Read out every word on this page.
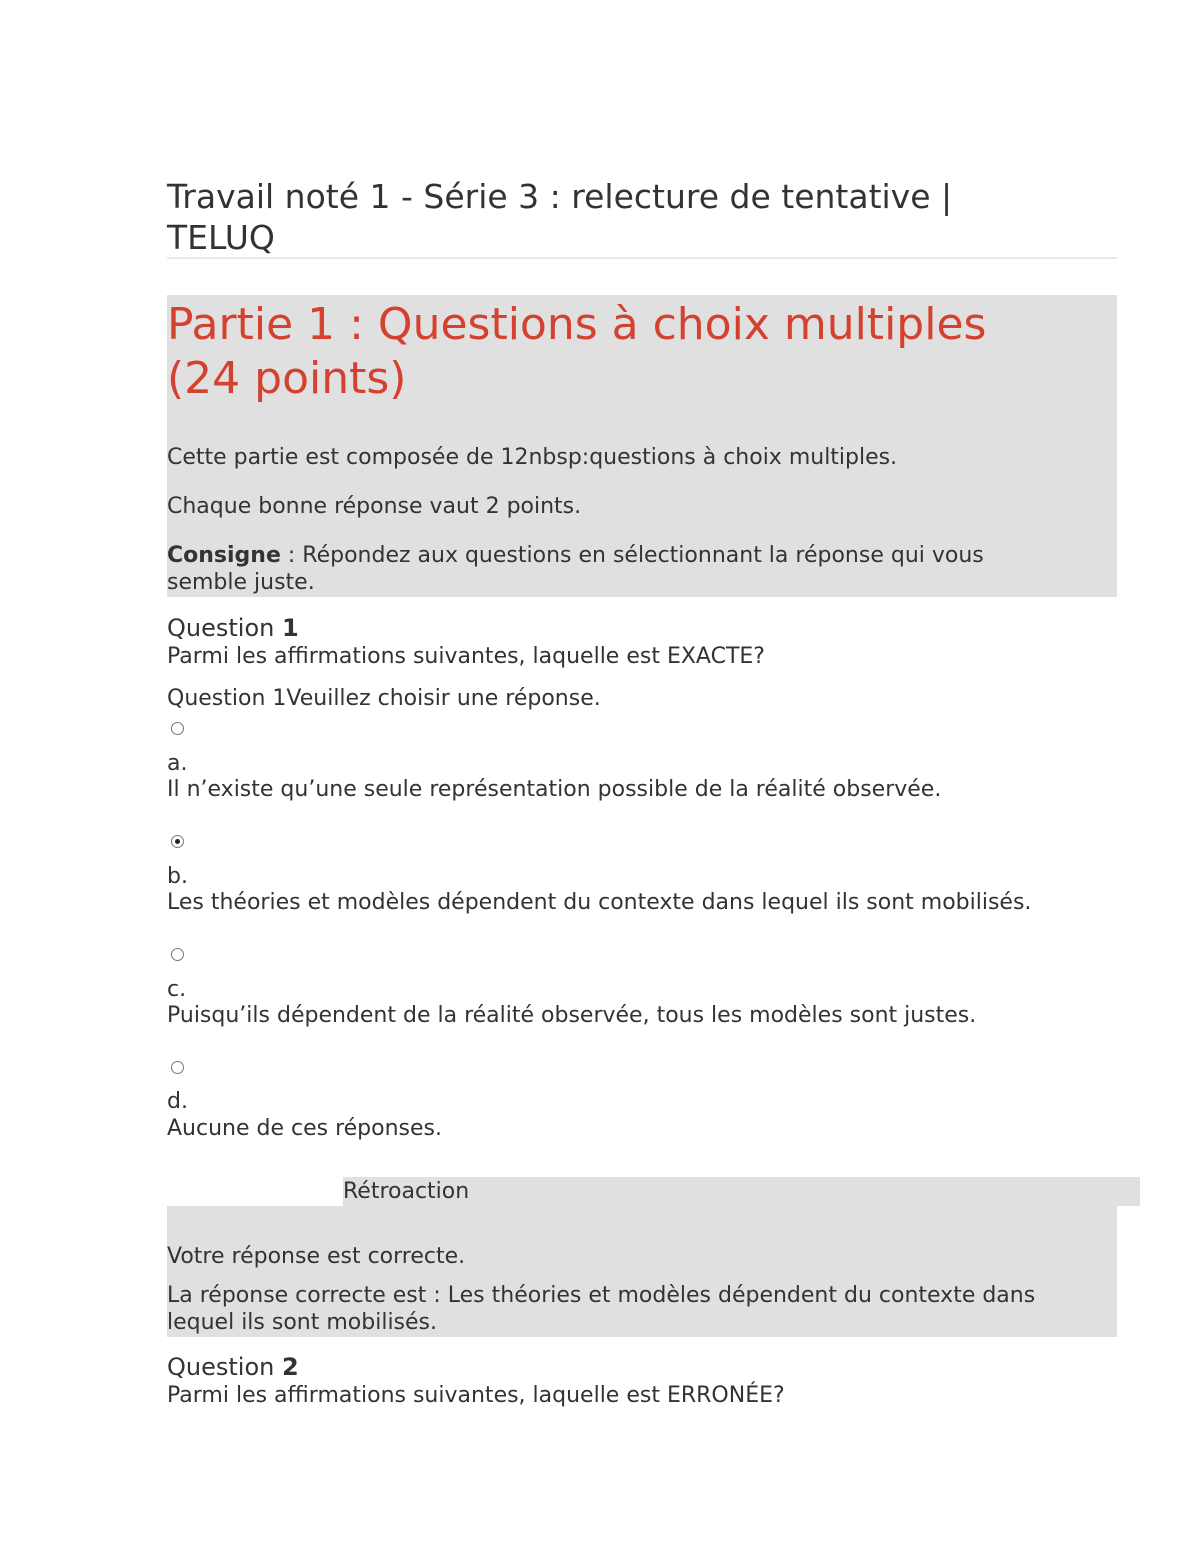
Travail noté 1 - Série 3 : relecture de tentative |
TELUQ
Partie 1 : Questions à choix multiples
(24 points)

Cette partie est composée de 12nbsp:questions à choix multiples.

Chaque bonne réponse vaut 2 points.

Consigne : Répondez aux questions en sélectionnant la réponse qui vous
semble juste.

Question 1

Parmi les affirmations suivantes, laquelle est EXACTE?

Question 1Veuillez choisir une réponse.

a.
Il n’existe qu’une seule représentation possible de la réalité observée.
b.
Les théories et modèles dépendent du contexte dans lequel ils sont mobilisés.
c.
Puisqu’ils dépendent de la réalité observée, tous les modèles sont justes.
d.
Aucune de ces réponses.
Rétroaction

Votre réponse est correcte.

La réponse correcte est : Les théories et modèles dépendent du contexte dans
lequel ils sont mobilisés.

Question 2

Parmi les affirmations suivantes, laquelle est ERRONÉE?
